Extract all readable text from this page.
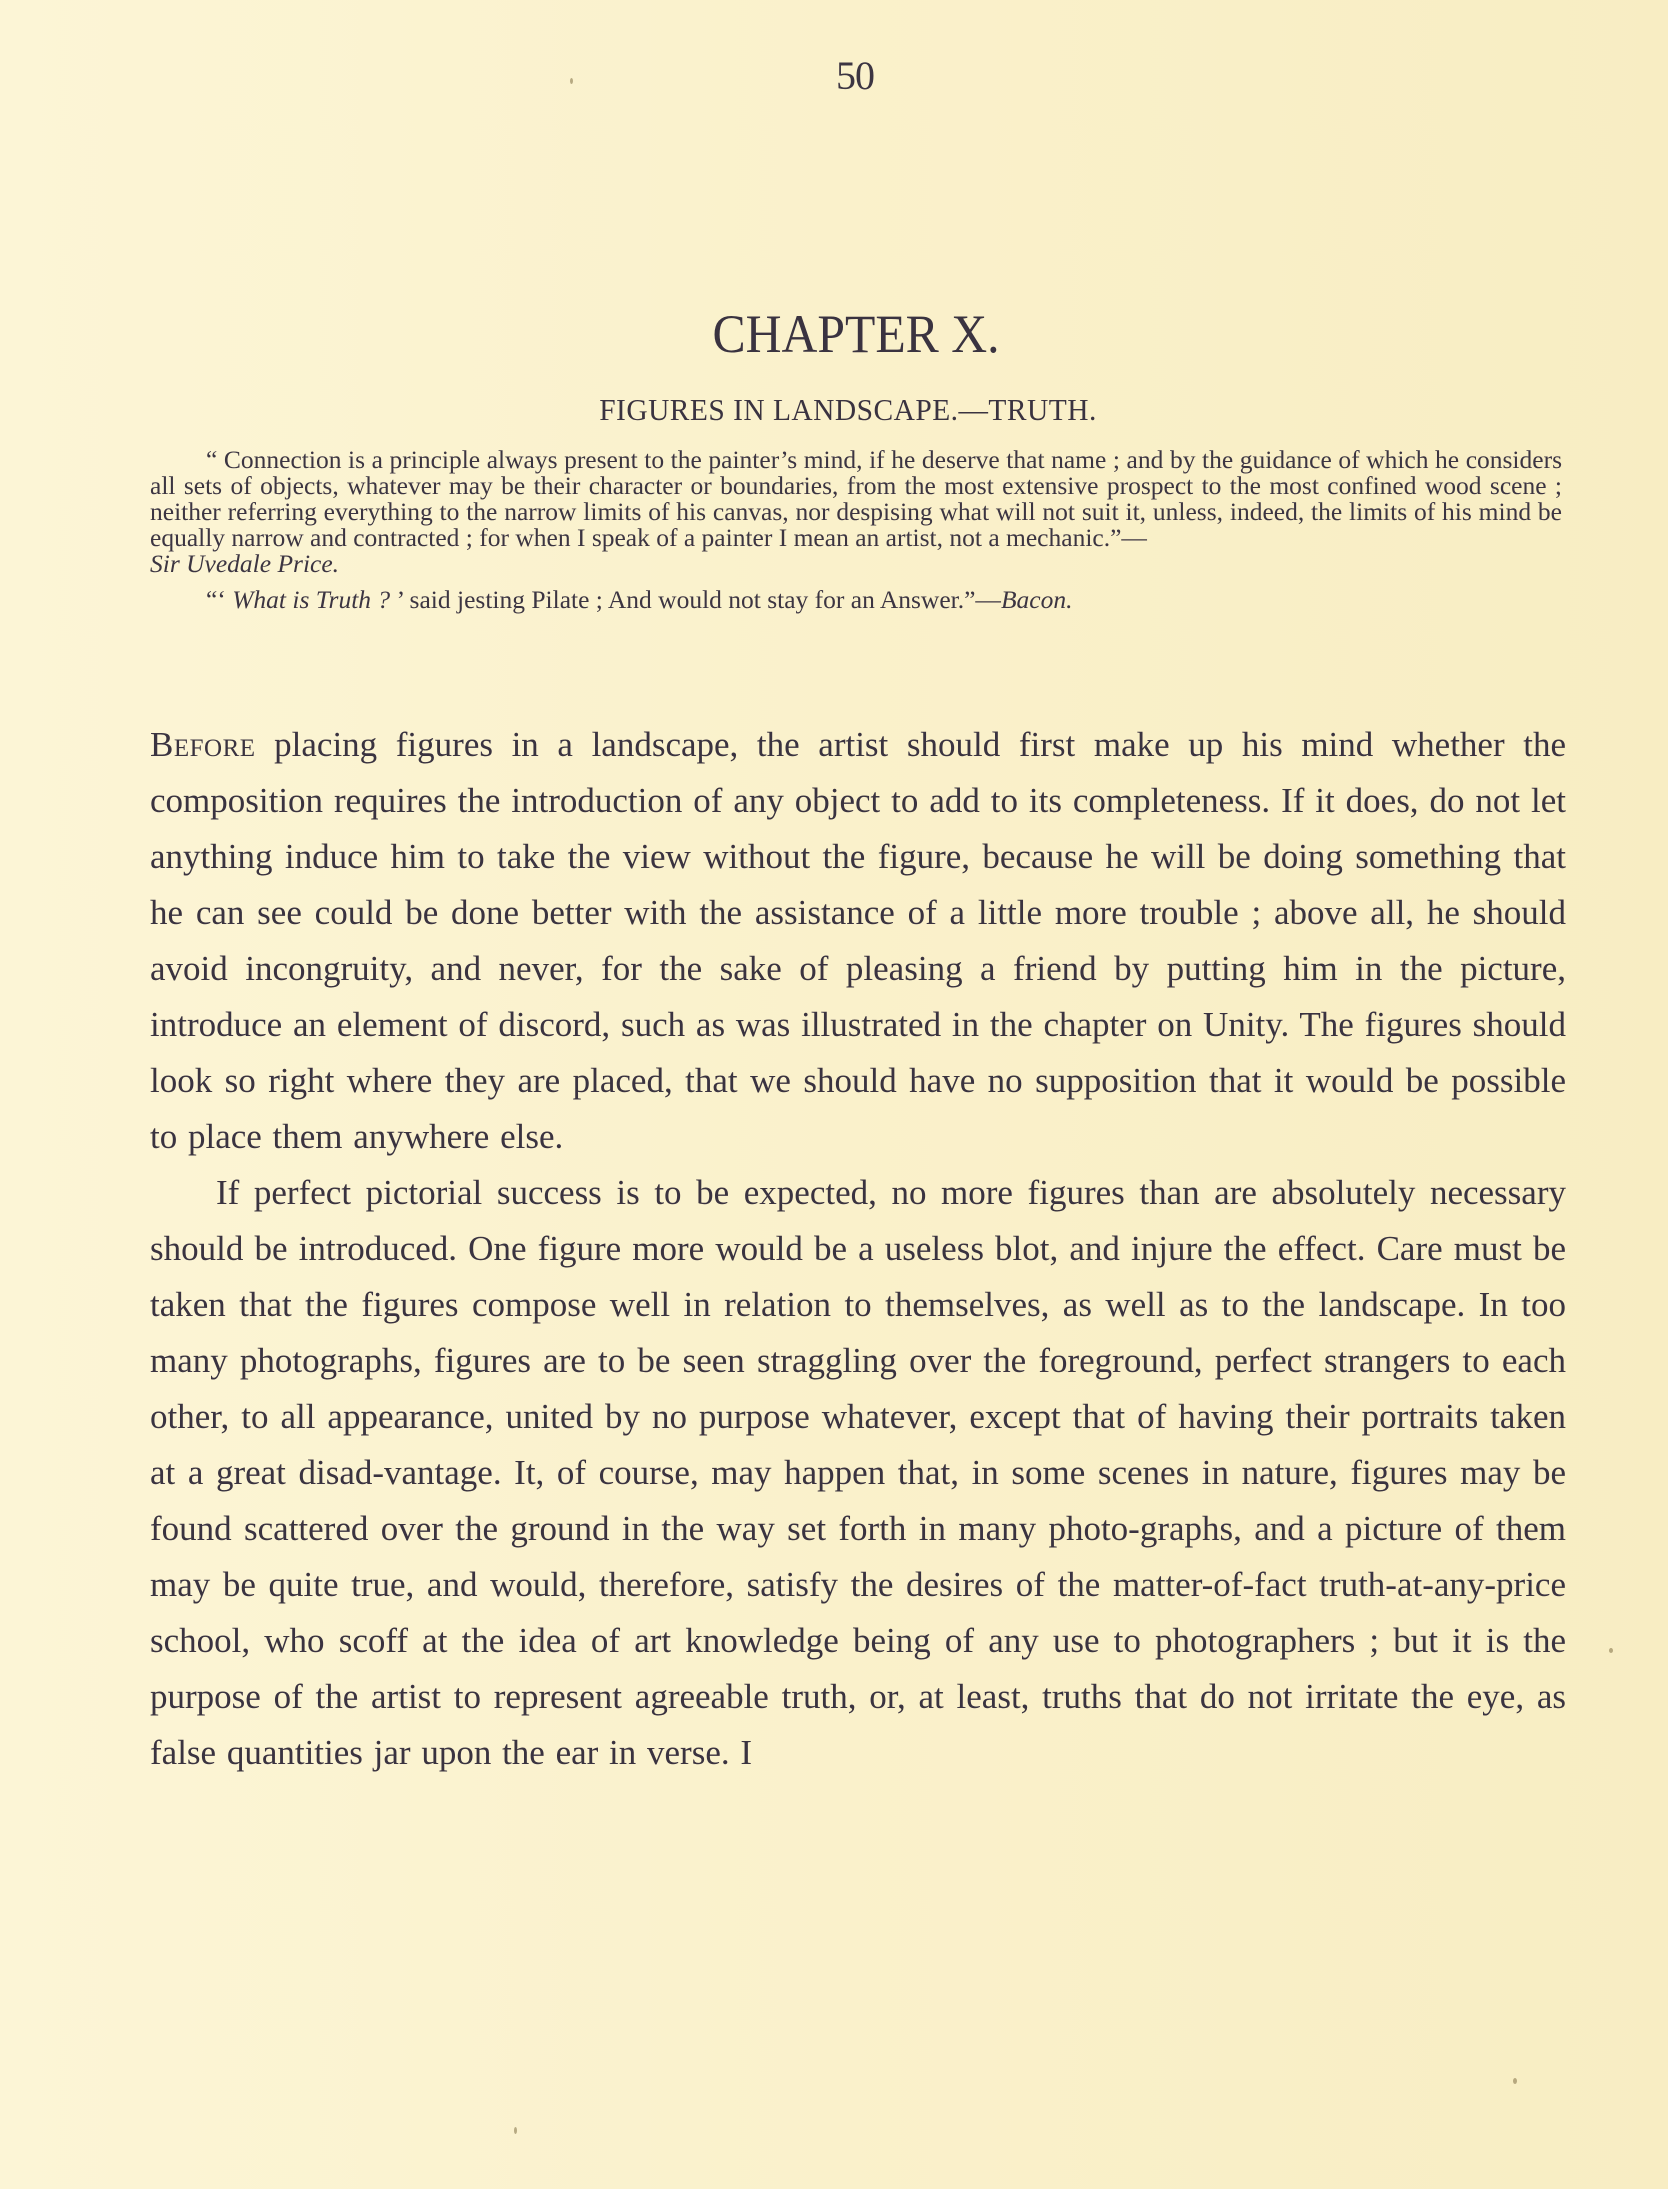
50
CHAPTER X.
FIGURES IN LANDSCAPE.—TRUTH.

“ Connection is a principle always present to the painter’s mind, if he deserve that name ; and by the guidance of which he considers all sets of objects, whatever may be their character or boundaries, from the most extensive prospect to the most confined wood scene ; neither referring everything to the narrow limits of his canvas, nor despising what will not suit it, unless, indeed, the limits of his mind be equally narrow and contracted ; for when I speak of a painter I mean an artist, not a mechanic.”—
Sir Uvedale Price.

“‘ What is Truth ? ’ said jesting Pilate ; And would not stay for an Answer.”—Bacon.

Before placing figures in a landscape, the artist should first make up his mind whether the composition requires the introduction of any object to add to its completeness. If it does, do not let anything induce him to take the view without the figure, because he will be doing something that he can see could be done better with the assistance of a little more trouble ; above all, he should avoid incongruity, and never, for the sake of pleasing a friend by putting him in the picture, introduce an element of discord, such as was illustrated in the chapter on Unity. The figures should look so right where they are placed, that we should have no supposition that it would be possible to place them anywhere else.

If perfect pictorial success is to be expected, no more figures than are absolutely necessary should be introduced. One figure more would be a useless blot, and injure the effect. Care must be taken that the figures compose well in relation to themselves, as well as to the landscape. In too many photographs, figures are to be seen straggling over the foreground, perfect strangers to each other, to all appearance, united by no purpose whatever, except that of having their portraits taken at a great disad-vantage. It, of course, may happen that, in some scenes in nature, figures may be found scattered over the ground in the way set forth in many photo-graphs, and a picture of them may be quite true, and would, therefore, satisfy the desires of the matter-of-fact truth-at-any-price school, who scoff at the idea of art knowledge being of any use to photographers ; but it is the purpose of the artist to represent agreeable truth, or, at least, truths that do not irritate the eye, as false quantities jar upon the ear in verse. I
